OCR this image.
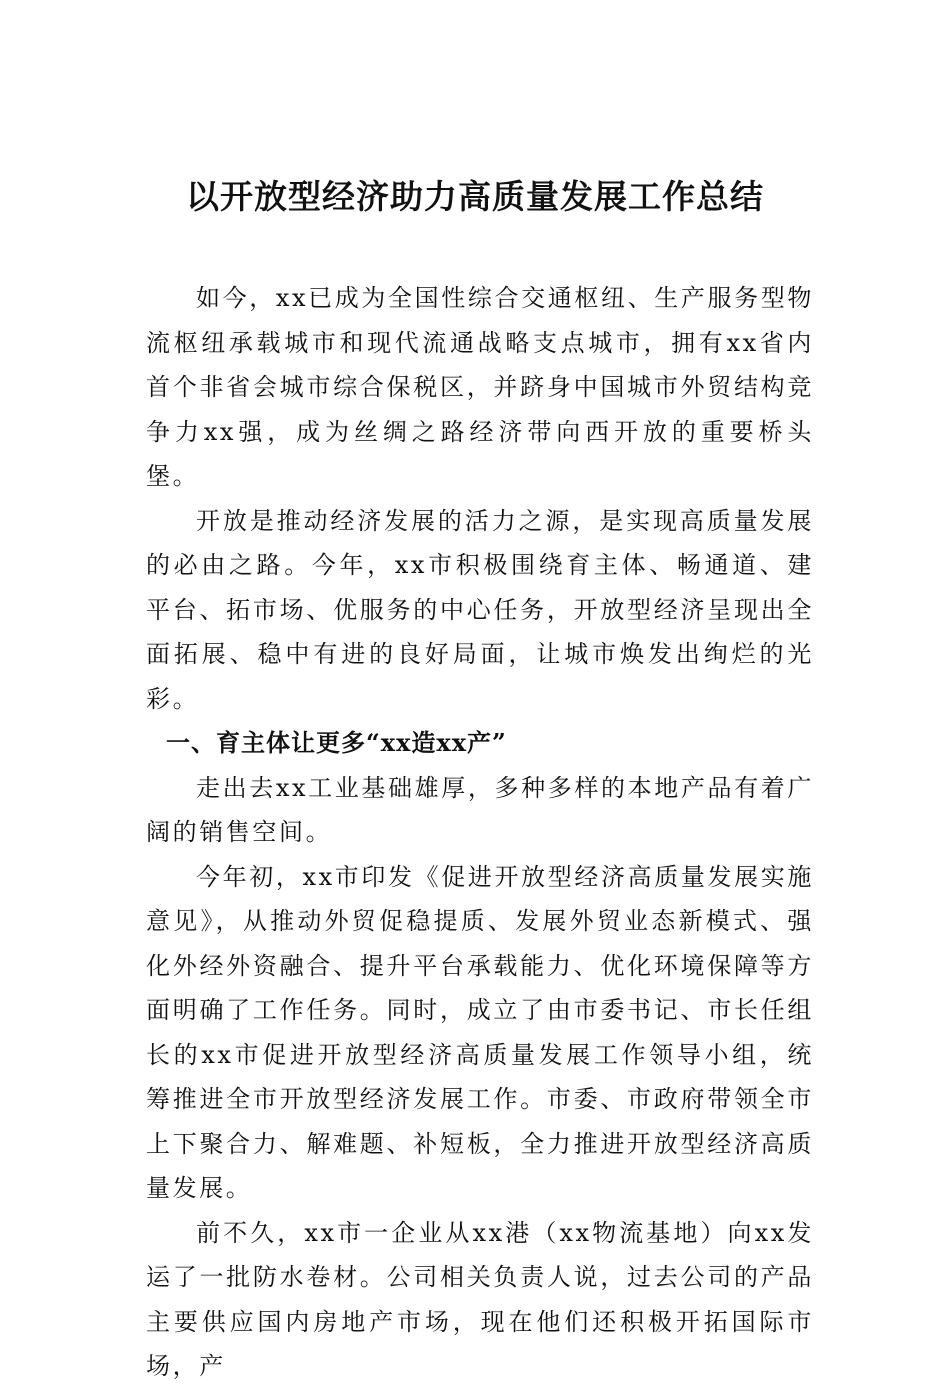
以开放型经济助力高质量发展工作总结

如今，xx已成为全国性综合交通枢纽、生产服务型物流枢纽承载城市和现代流通战略支点城市，拥有xx省内首个非省会城市综合保税区，并跻身中国城市外贸结构竞争力xx强，成为丝绸之路经济带向西开放的重要桥头堡。

开放是推动经济发展的活力之源，是实现高质量发展的必由之路。今年，xx市积极围绕育主体、畅通道、建平台、拓市场、优服务的中心任务，开放型经济呈现出全面拓展、稳中有进的良好局面，让城市焕发出绚烂的光彩。

一、育主体让更多“xx造xx产”

走出去xx工业基础雄厚，多种多样的本地产品有着广阔的销售空间。

今年初，xx市印发《促进开放型经济高质量发展实施意见》，从推动外贸促稳提质、发展外贸业态新模式、强化外经外资融合、提升平台承载能力、优化环境保障等方面明确了工作任务。同时，成立了由市委书记、市长任组长的xx市促进开放型经济高质量发展工作领导小组，统筹推进全市开放型经济发展工作。市委、市政府带领全市上下聚合力、解难题、补短板，全力推进开放型经济高质量发展。

前不久，xx市一企业从xx港（xx物流基地）向xx发运了一批防水卷材。公司相关负责人说，过去公司的产品主要供应国内房地产市场，现在他们还积极开拓国际市场，产
